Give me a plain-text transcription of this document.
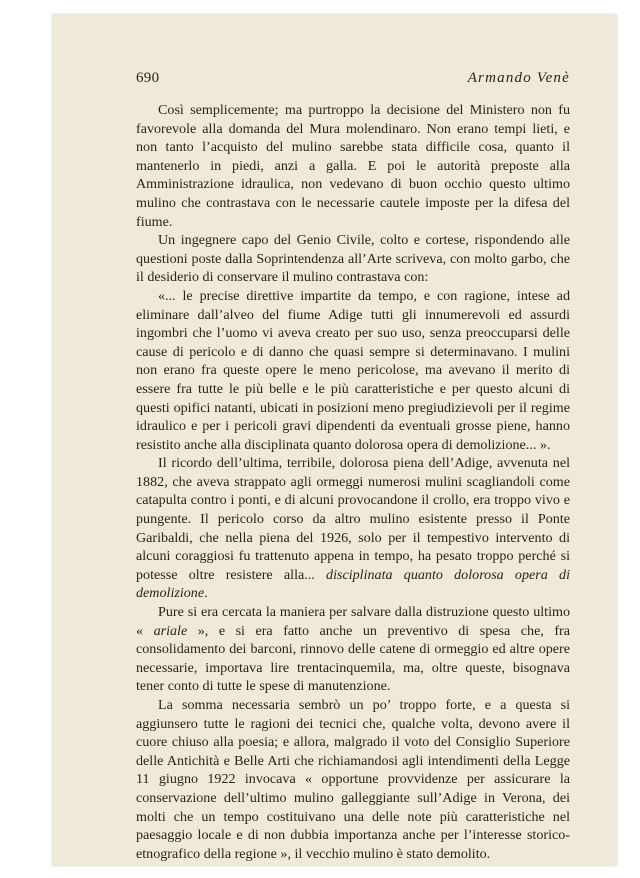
690	Armando Venè

Così semplicemente; ma purtroppo la decisione del Ministero non fu favorevole alla domanda del Mura molendinaro. Non erano tempi lieti, e non tanto l’acquisto del mulino sarebbe stata difficile cosa, quanto il mantenerlo in piedi, anzi a galla. E poi le autorità preposte alla Amministrazione idraulica, non vedevano di buon occhio questo ultimo mulino che contrastava con le necessarie cautele imposte per la difesa del fiume.

Un ingegnere capo del Genio Civile, colto e cortese, rispondendo alle questioni poste dalla Soprintendenza all’Arte scriveva, con molto garbo, che il desiderio di conservare il mulino contrastava con:

«... le precise direttive impartite da tempo, e con ragione, intese ad eliminare dall’alveo del fiume Adige tutti gli innumerevoli ed assurdi ingombri che l’uomo vi aveva creato per suo uso, senza preoccuparsi delle cause di pericolo e di danno che quasi sempre si determinavano. I mulini non erano fra queste opere le meno pericolose, ma avevano il merito di essere fra tutte le più belle e le più caratteristiche e per questo alcuni di questi opifici natanti, ubicati in posizioni meno pregiudizievoli per il regime idraulico e per i pericoli gravi dipendenti da eventuali grosse piene, hanno resistito anche alla disciplinata quanto dolorosa opera di demolizione... ».

Il ricordo dell’ultima, terribile, dolorosa piena dell’Adige, avvenuta nel 1882, che aveva strappato agli ormeggi numerosi mulini scagliandoli come catapulta contro i ponti, e di alcuni provocandone il crollo, era troppo vivo e pungente. Il pericolo corso da altro mulino esistente presso il Ponte Garibaldi, che nella piena del 1926, solo per il tempestivo intervento di alcuni coraggiosi fu trattenuto appena in tempo, ha pesato troppo perché si potesse oltre resistere alla... disciplinata quanto dolorosa opera di demolizione.

Pure si era cercata la maniera per salvare dalla distruzione questo ultimo « ariale », e si era fatto anche un preventivo di spesa che, fra consolidamento dei barconi, rinnovo delle catene di ormeggio ed altre opere necessarie, importava lire trentacinquemila, ma, oltre queste, bisognava tener conto di tutte le spese di manutenzione.

La somma necessaria sembrò un po’ troppo forte, e a questa si aggiunsero tutte le ragioni dei tecnici che, qualche volta, devono avere il cuore chiuso alla poesia; e allora, malgrado il voto del Consiglio Superiore delle Antichità e Belle Arti che richiamandosi agli intendimenti della Legge 11 giugno 1922 invocava « opportune provvidenze per assicurare la conservazione dell’ultimo mulino galleggiante sull’Adige in Verona, dei molti che un tempo costituivano una delle note più caratteristiche nel paesaggio locale e di non dubbia importanza anche per l’interesse storico-etnografico della regione », il vecchio mulino è stato demolito.
